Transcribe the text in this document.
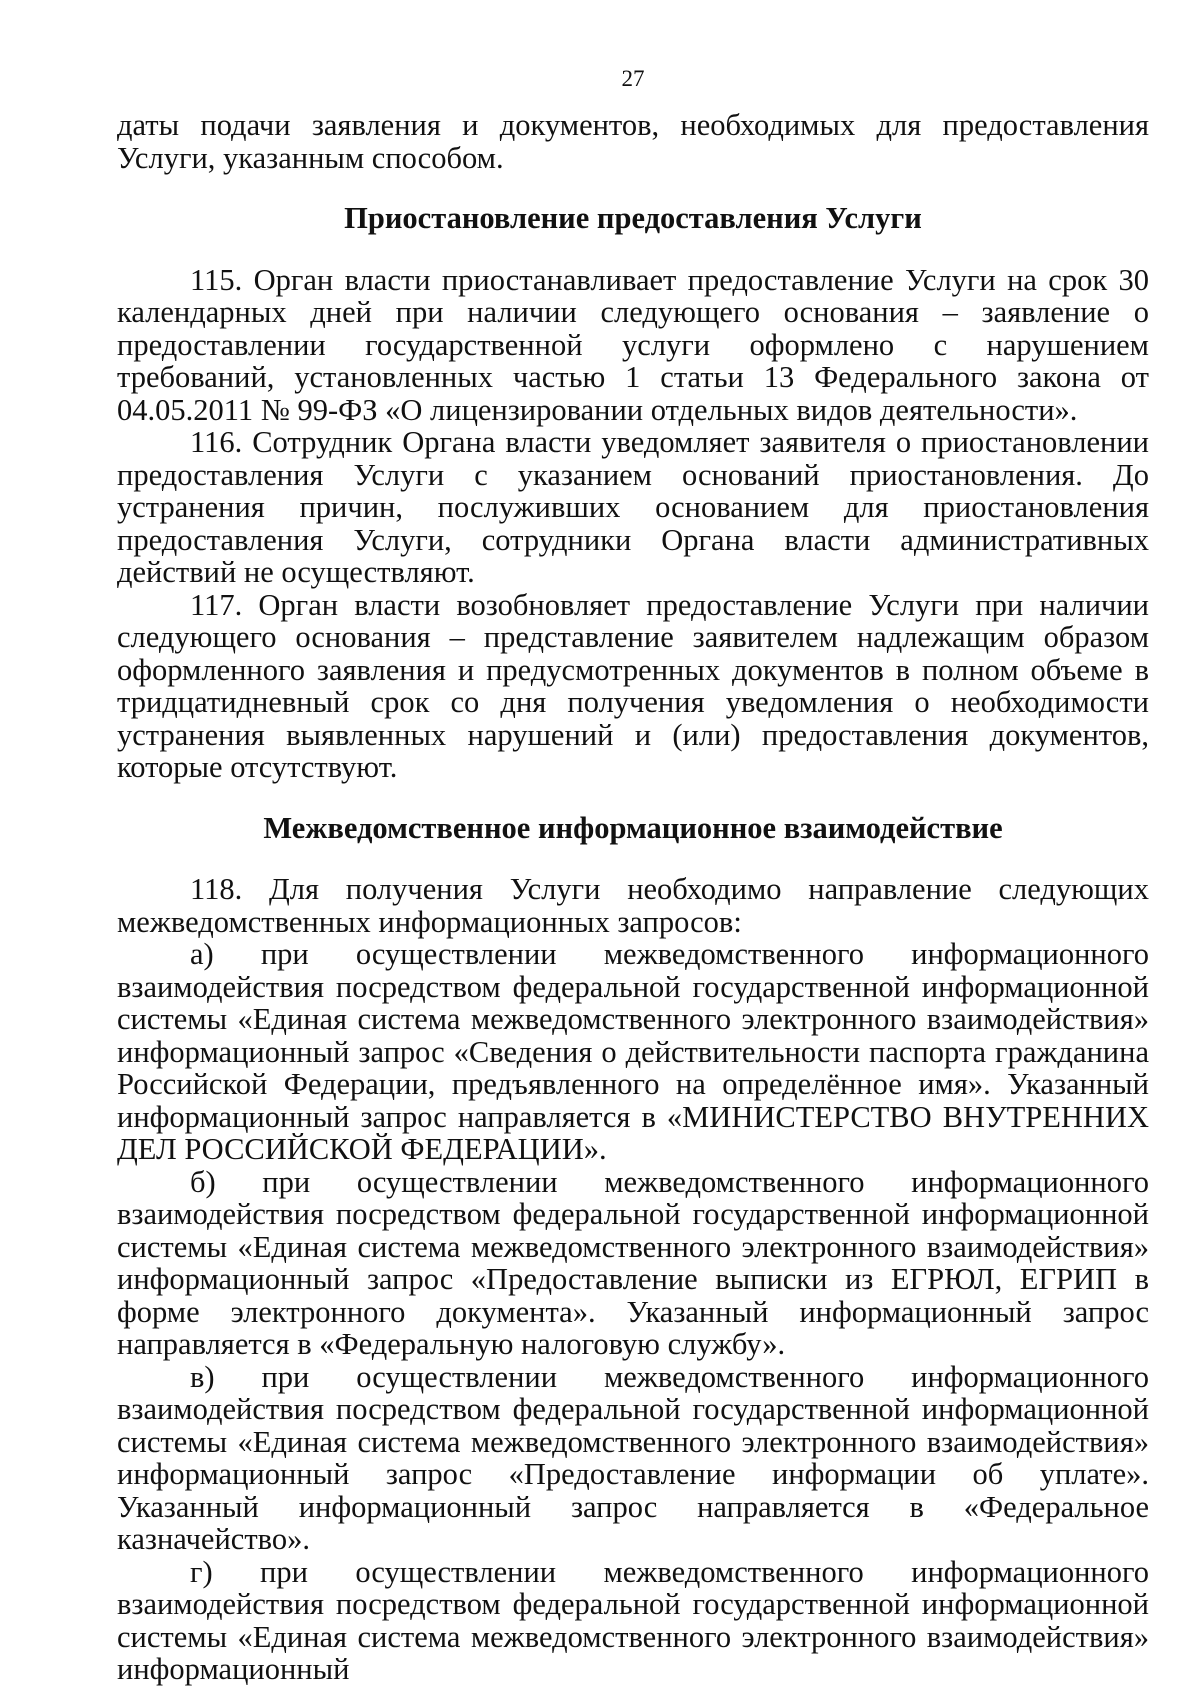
27

даты подачи заявления и документов, необходимых для предоставления Услуги, указанным способом.

Приостановление предоставления Услуги

115. Орган власти приостанавливает предоставление Услуги на срок 30 календарных дней при наличии следующего основания – заявление о предоставлении государственной услуги оформлено с нарушением требований, установленных частью 1 статьи 13 Федерального закона от 04.05.2011 № 99-ФЗ «О лицензировании отдельных видов деятельности».

116. Сотрудник Органа власти уведомляет заявителя о приостановлении предоставления Услуги с указанием оснований приостановления. До устранения причин, послуживших основанием для приостановления предоставления Услуги, сотрудники Органа власти административных действий не осуществляют.

117. Орган власти возобновляет предоставление Услуги при наличии следующего основания – представление заявителем надлежащим образом оформленного заявления и предусмотренных документов в полном объеме в тридцатидневный срок со дня получения уведомления о необходимости устранения выявленных нарушений и (или) предоставления документов, которые отсутствуют.

Межведомственное информационное взаимодействие

118. Для получения Услуги необходимо направление следующих межведомственных информационных запросов:

а) при осуществлении межведомственного информационного взаимодействия посредством федеральной государственной информационной системы «Единая система межведомственного электронного взаимодействия» информационный запрос «Сведения о действительности паспорта гражданина Российской Федерации, предъявленного на определённое имя». Указанный информационный запрос направляется в «МИНИСТЕРСТВО ВНУТРЕННИХ ДЕЛ РОССИЙСКОЙ ФЕДЕРАЦИИ».

б) при осуществлении межведомственного информационного взаимодействия посредством федеральной государственной информационной системы «Единая система межведомственного электронного взаимодействия» информационный запрос «Предоставление выписки из ЕГРЮЛ, ЕГРИП в форме электронного документа». Указанный информационный запрос направляется в «Федеральную налоговую службу».

в) при осуществлении межведомственного информационного взаимодействия посредством федеральной государственной информационной системы «Единая система межведомственного электронного взаимодействия» информационный запрос «Предоставление информации об уплате». Указанный информационный запрос направляется в «Федеральное казначейство».

г) при осуществлении межведомственного информационного взаимодействия посредством федеральной государственной информационной системы «Единая система межведомственного электронного взаимодействия» информационный
